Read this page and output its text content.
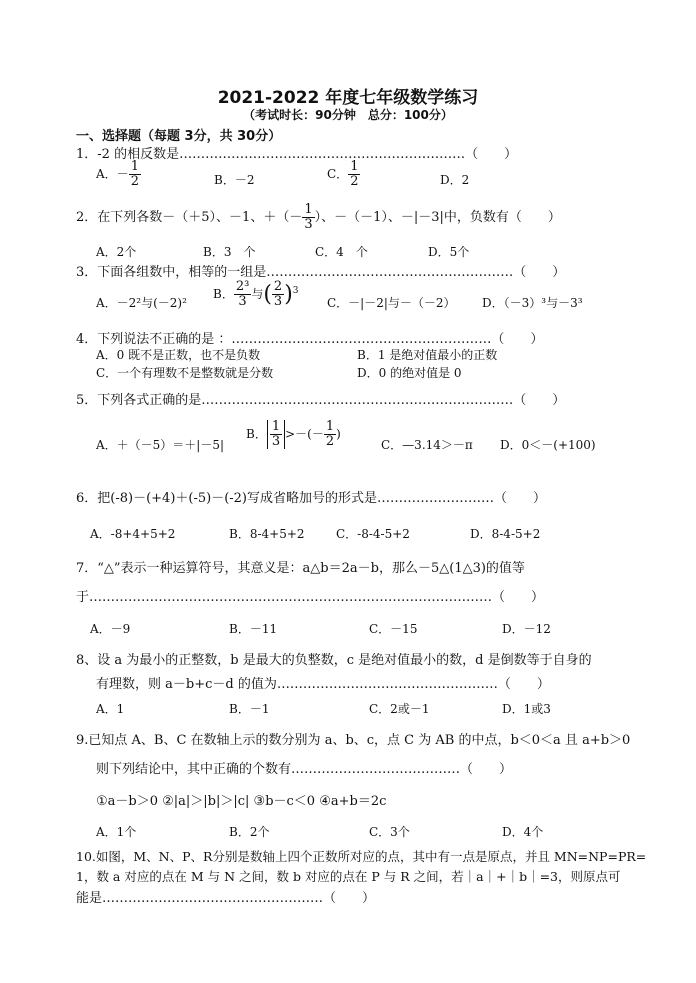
2021-2022 年度七年级数学练习
（考试时长：90分钟　总分：100分）
一、选择题（每题 3分，共 30分）
1．-2 的相反数是…………………………………………………………（　　）
A．－ $\frac{1}{2}$	B．－2	C． $\frac{1}{2}$	D．2
2．在下列各数－（＋5）、－1、＋（－ $\frac{1}{3}$ ）、－（－1）、－|－3|中，负数有（　　）
A．2个	B．3　个	C．4　个	D．5个
3．下面各组数中，相等的一组是…………………………………………………（　　）
A．－2²与(－2)²
B． $\frac{\text{2³}}{3}$ 与( $\frac{2}{3} )^3$
C．－|－2|与－（－2） D．（－3）³与－3³
4．下列说法不正确的是 ：……………………………………………………（　　）
A．0 既不是正数，也不是负数	B．1 是绝对值最小的正数
C．一个有理数不是整数就是分数	D．0 的绝对值是 0
5．下列各式正确的是………………………………………………………………（　　）
A．＋（－5）＝＋|－5|
B． $\frac{1}{3}$ >－(－ $\frac{1}{2}$ )
C．—3.14＞－π D．0＜－(+100)
6．把(-8)－(+4)＋(-5)－(-2)写成省略加号的形式是………………………（　　）
A．-8+4+5+2	B．8-4+5+2	C．-8-4-5+2	D．8-4-5+2
7．“△”表示一种运算符号，其意义是：a△b＝2a－b，那么－5△(1△3)的值等
于…………………………………………………………………………………（　　）
A．－9	B．－11	C．－15	D．－12
8、设 a 为最小的正整数，b 是最大的负整数，c 是绝对值最小的数，d 是倒数等于自身的
有理数，则 a－b+c－d 的值为……………………………………………（　　）
A．1	B．－1	C．2或－1	D．1或3
9.已知点 A、B、C 在数轴上示的数分别为 a、b、c，点 C 为 AB 的中点，b＜0＜a 且 a+b＞0
则下列结论中，其中正确的个数有…………………………………（　　）
①a－b＞0 ②|a|＞|b|＞|c| ③b－c＜0 ④a+b＝2c
A．1个	B．2个	C．3个	D．4个
10.如图，M、N、P、R分别是数轴上四个正数所对应的点，其中有一点是原点，并且 MN=NP=PR=
1，数 a 对应的点在 M 与 N 之间，数 b 对应的点在 P 与 R 之间，若｜a｜+｜b｜=3，则原点可
能是……………………………………………（　　）
